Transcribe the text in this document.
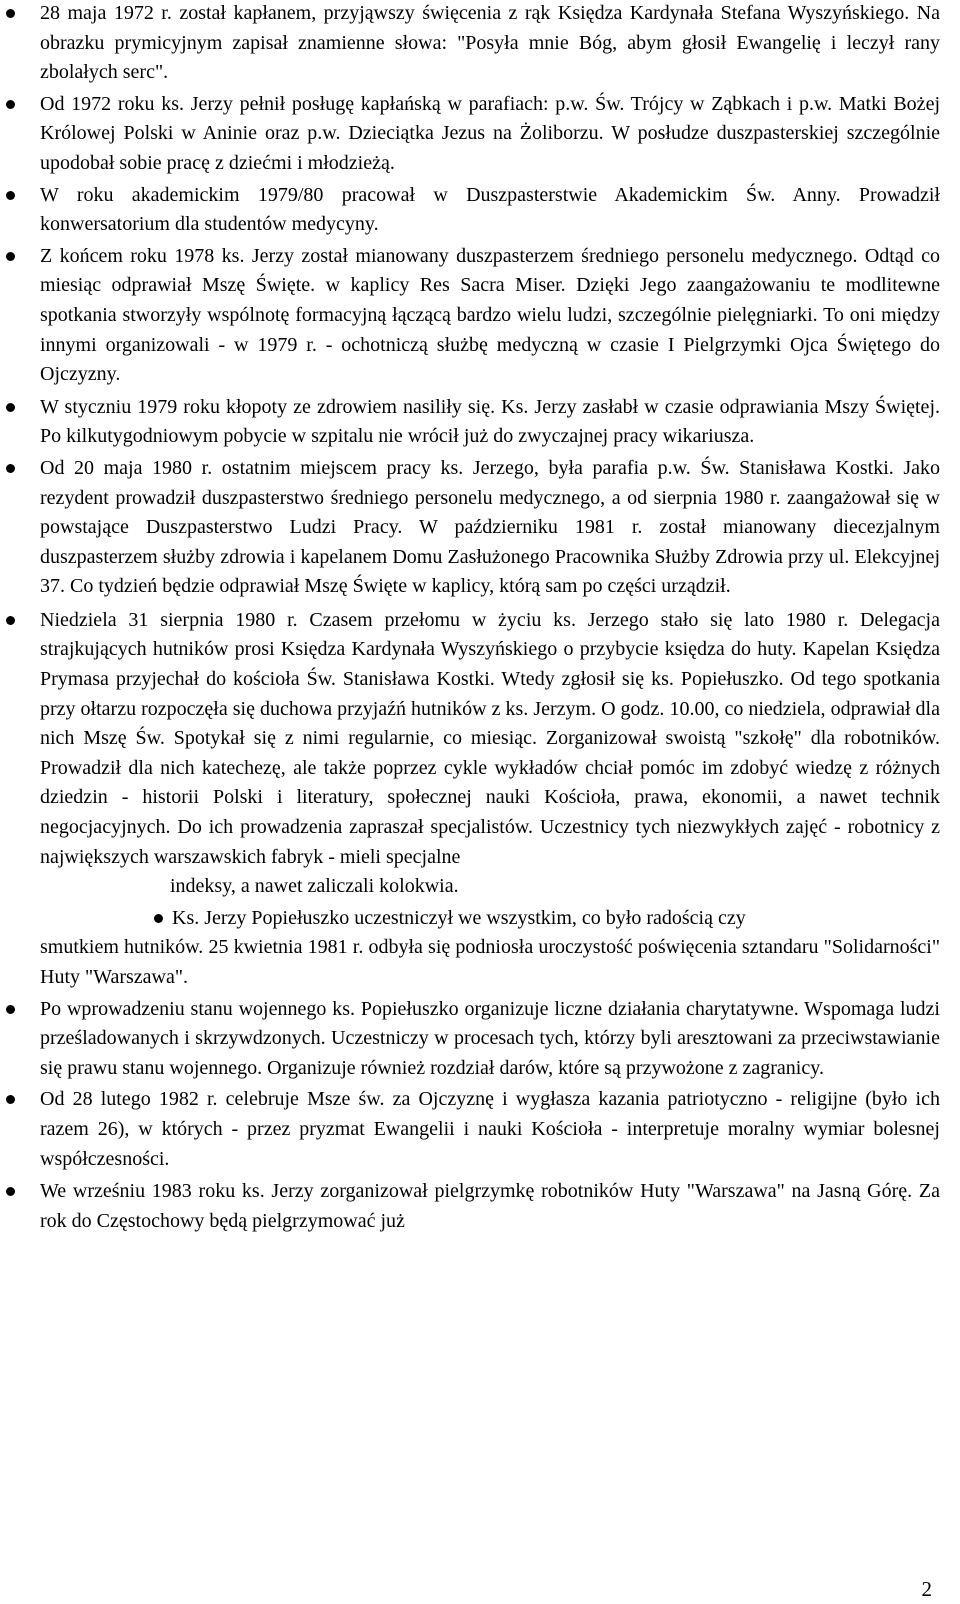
28 maja 1972 r. został kapłanem, przyjąwszy święcenia z rąk Księdza Kardynała Stefana Wyszyńskiego. Na obrazku prymicyjnym zapisał znamienne słowa: "Posyła mnie Bóg, abym głosił Ewangelię i leczył rany zbolałych serc".
Od 1972 roku ks. Jerzy pełnił posługę kapłańską w parafiach: p.w. Św. Trójcy w Ząbkach i p.w. Matki Bożej Królowej Polski w Aninie oraz p.w. Dzieciątka Jezus na Żoliborzu. W posłudze duszpasterskiej szczególnie upodobał sobie pracę z dziećmi i młodzieżą.
W roku akademickim 1979/80 pracował w Duszpasterstwie Akademickim Św. Anny. Prowadził konwersatorium dla studentów medycyny.
Z końcem roku 1978 ks. Jerzy został mianowany duszpasterzem średniego personelu medycznego. Odtąd co miesiąc odprawiał Mszę Święte. w kaplicy Res Sacra Miser. Dzięki Jego zaangażowaniu te modlitewne spotkania stworzyły wspólnotę formacyjną łączącą bardzo wielu ludzi, szczególnie pielęgniarki. To oni między innymi organizowali - w 1979 r. - ochotniczą służbę medyczną w czasie I Pielgrzymki Ojca Świętego do Ojczyzny.
W styczniu 1979 roku kłopoty ze zdrowiem nasiliły się. Ks. Jerzy zasłabł w czasie odprawiania Mszy Świętej. Po kilkutygodniowym pobycie w szpitalu nie wrócił już do zwyczajnej pracy wikariusza.
Od 20 maja 1980 r. ostatnim miejscem pracy ks. Jerzego, była parafia p.w. Św. Stanisława Kostki. Jako rezydent prowadził duszpasterstwo średniego personelu medycznego, a od sierpnia 1980 r. zaangażował się w powstające Duszpasterstwo Ludzi Pracy. W październiku 1981 r. został mianowany diecezjalnym duszpasterzem służby zdrowia i kapelanem Domu Zasłużonego Pracownika Służby Zdrowia przy ul. Elekcyjnej 37. Co tydzień będzie odprawiał Mszę Święte w kaplicy, którą sam po części urządził.
Niedziela 31 sierpnia 1980 r. Czasem przełomu w życiu ks. Jerzego stało się lato 1980 r. Delegacja strajkujących hutników prosi Księdza Kardynała Wyszyńskiego o przybycie księdza do huty. Kapelan Księdza Prymasa przyjechał do kościoła Św. Stanisława Kostki. Wtedy zgłosił się ks. Popiełuszko. Od tego spotkania przy ołtarzu rozpoczęła się duchowa przyjaźń hutników z ks. Jerzym. O godz. 10.00, co niedziela, odprawiał dla nich Mszę Św. Spotykał się z nimi regularnie, co miesiąc. Zorganizował swoistą "szkołę" dla robotników. Prowadził dla nich katechezę, ale także poprzez cykle wykładów chciał pomóc im zdobyć wiedzę z różnych dziedzin - historii Polski i literatury, społecznej nauki Kościoła, prawa, ekonomii, a nawet technik negocjacyjnych. Do ich prowadzenia zapraszał specjalistów. Uczestnicy tych niezwykłych zajęć - robotnicy z największych warszawskich fabryk - mieli specjalne
indeksy, a nawet zaliczali kolokwia.
Ks. Jerzy Popiełuszko uczestniczył we wszystkim, co było radością czy
smutkiem hutników. 25 kwietnia 1981 r. odbyła się podniosła uroczystość poświęcenia sztandaru "Solidarności" Huty "Warszawa".
Po wprowadzeniu stanu wojennego ks. Popiełuszko organizuje liczne działania charytatywne. Wspomaga ludzi prześladowanych i skrzywdzonych. Uczestniczy w procesach tych, którzy byli aresztowani za przeciwstawianie się prawu stanu wojennego. Organizuje również rozdział darów, które są przywożone z zagranicy.
Od 28 lutego 1982 r. celebruje Msze św. za Ojczyznę i wygłasza kazania patriotyczno - religijne (było ich razem 26), w których - przez pryzmat Ewangelii i nauki Kościoła - interpretuje moralny wymiar bolesnej współczesności.
We wrześniu 1983 roku ks. Jerzy zorganizował pielgrzymkę robotników Huty "Warszawa" na Jasną Górę. Za rok do Częstochowy będą pielgrzymować już
2
